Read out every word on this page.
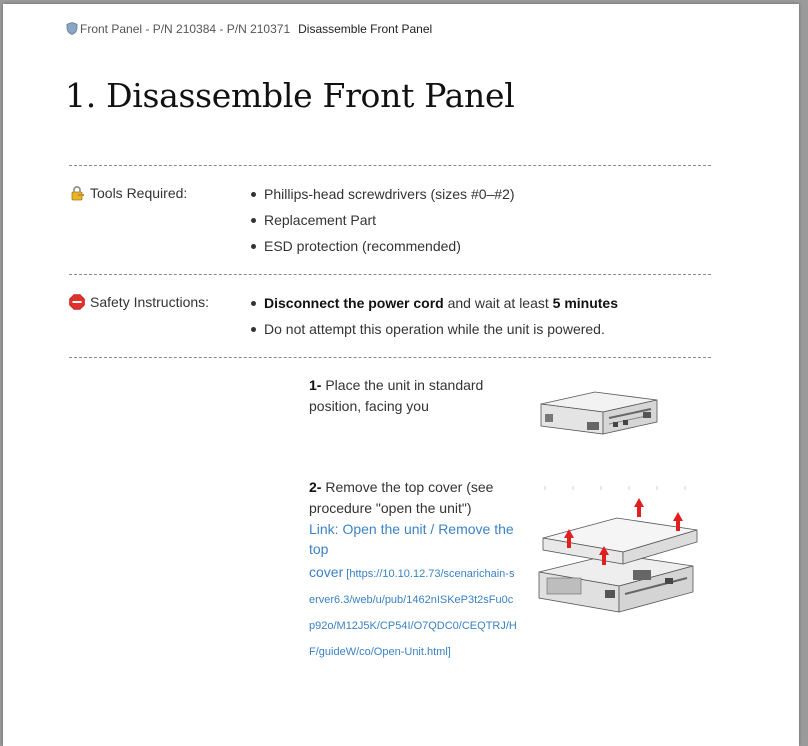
Front Panel - P/N 210384 - P/N 210371 Disassemble Front Panel
1. Disassemble Front Panel
Tools Required:	Phillips-head screwdrivers (sizes #0–#2)
Replacement Part
ESD protection (recommended)
Safety Instructions:	Disconnect the power cord and wait at least 5 minutes
Do not attempt this operation while the unit is powered.
1- Place the unit in standard position, facing you
2- Remove the top cover (see procedure "open the unit")
Link: Open the unit / Remove the top
cover [https://10.10.12.73/scenarichain-server6.3/web/u/pub/1462nISKeP3t2sFu0cp92o/M12J5K/CP54I/O7QDC0/CEQTRJ/HF/guideW/co/Open-Unit.html]
